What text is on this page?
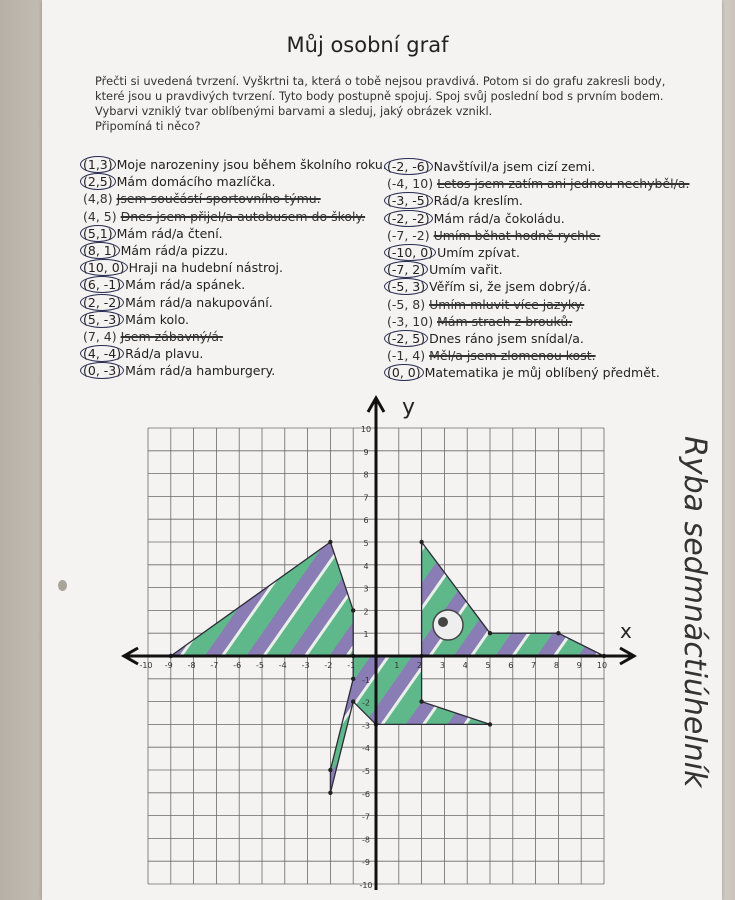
Můj osobní graf
Přečti si uvedená tvrzení. Vyškrtni ta, která o tobě nejsou pravdivá. Potom si do grafu zakresli body,
které jsou u pravdivých tvrzení. Tyto body postupně spojuj. Spoj svůj poslední bod s prvním bodem.
Vybarvi vzniklý tvar oblíbenými barvami a sleduj, jaký obrázek vznikl.
Připomíná ti něco?
(1,3) Moje narozeniny jsou během školního roku.
(2,5) Mám domácího mazlíčka.
(4,8) Jsem součástí sportovního týmu.
(4, 5) Dnes jsem přijel/a autobusem do školy.
(5,1) Mám rád/a čtení.
(8, 1) Mám rád/a pizzu.
(10, 0) Hraji na hudební nástroj.
(6, -1) Mám rád/a spánek.
(2, -2) Mám rád/a nakupování.
(5, -3) Mám kolo.
(7, 4) Jsem zábavný/á.
(4, -4) Rád/a plavu.
(0, -3) Mám rád/a hamburgery.
(-2, -6) Navštívil/a jsem cizí zemi.
(-4, 10) Letos jsem zatím ani jednou nechyběl/a.
(-3, -5) Rád/a kreslím.
(-2, -2) Mám rád/a čokoládu.
(-7, -2) Umím běhat hodně rychle.
(-10, 0) Umím zpívat.
(-7, 2) Umím vařit.
(-5, 3) Věřím si, že jsem dobrý/á.
(-5, 8) Umím mluvit více jazyky.
(-3, 10) Mám strach z brouků.
(-2, 5) Dnes ráno jsem snídal/a.
(-1, 4) Měl/a jsem zlomenou kost.
(0, 0) Matematika je můj oblíbený předmět.
-10 -9 -8 -7 -6 -5 -4 -3 -2 -1	1 2 3 4 5 6 7 8 9 10
10
9
8
7
6
5
4
3
2
1
-1
-2
-3
-4
-5
-6
-7
-8
-9
-10
y
x Ryba sedmnáctiúhelník
